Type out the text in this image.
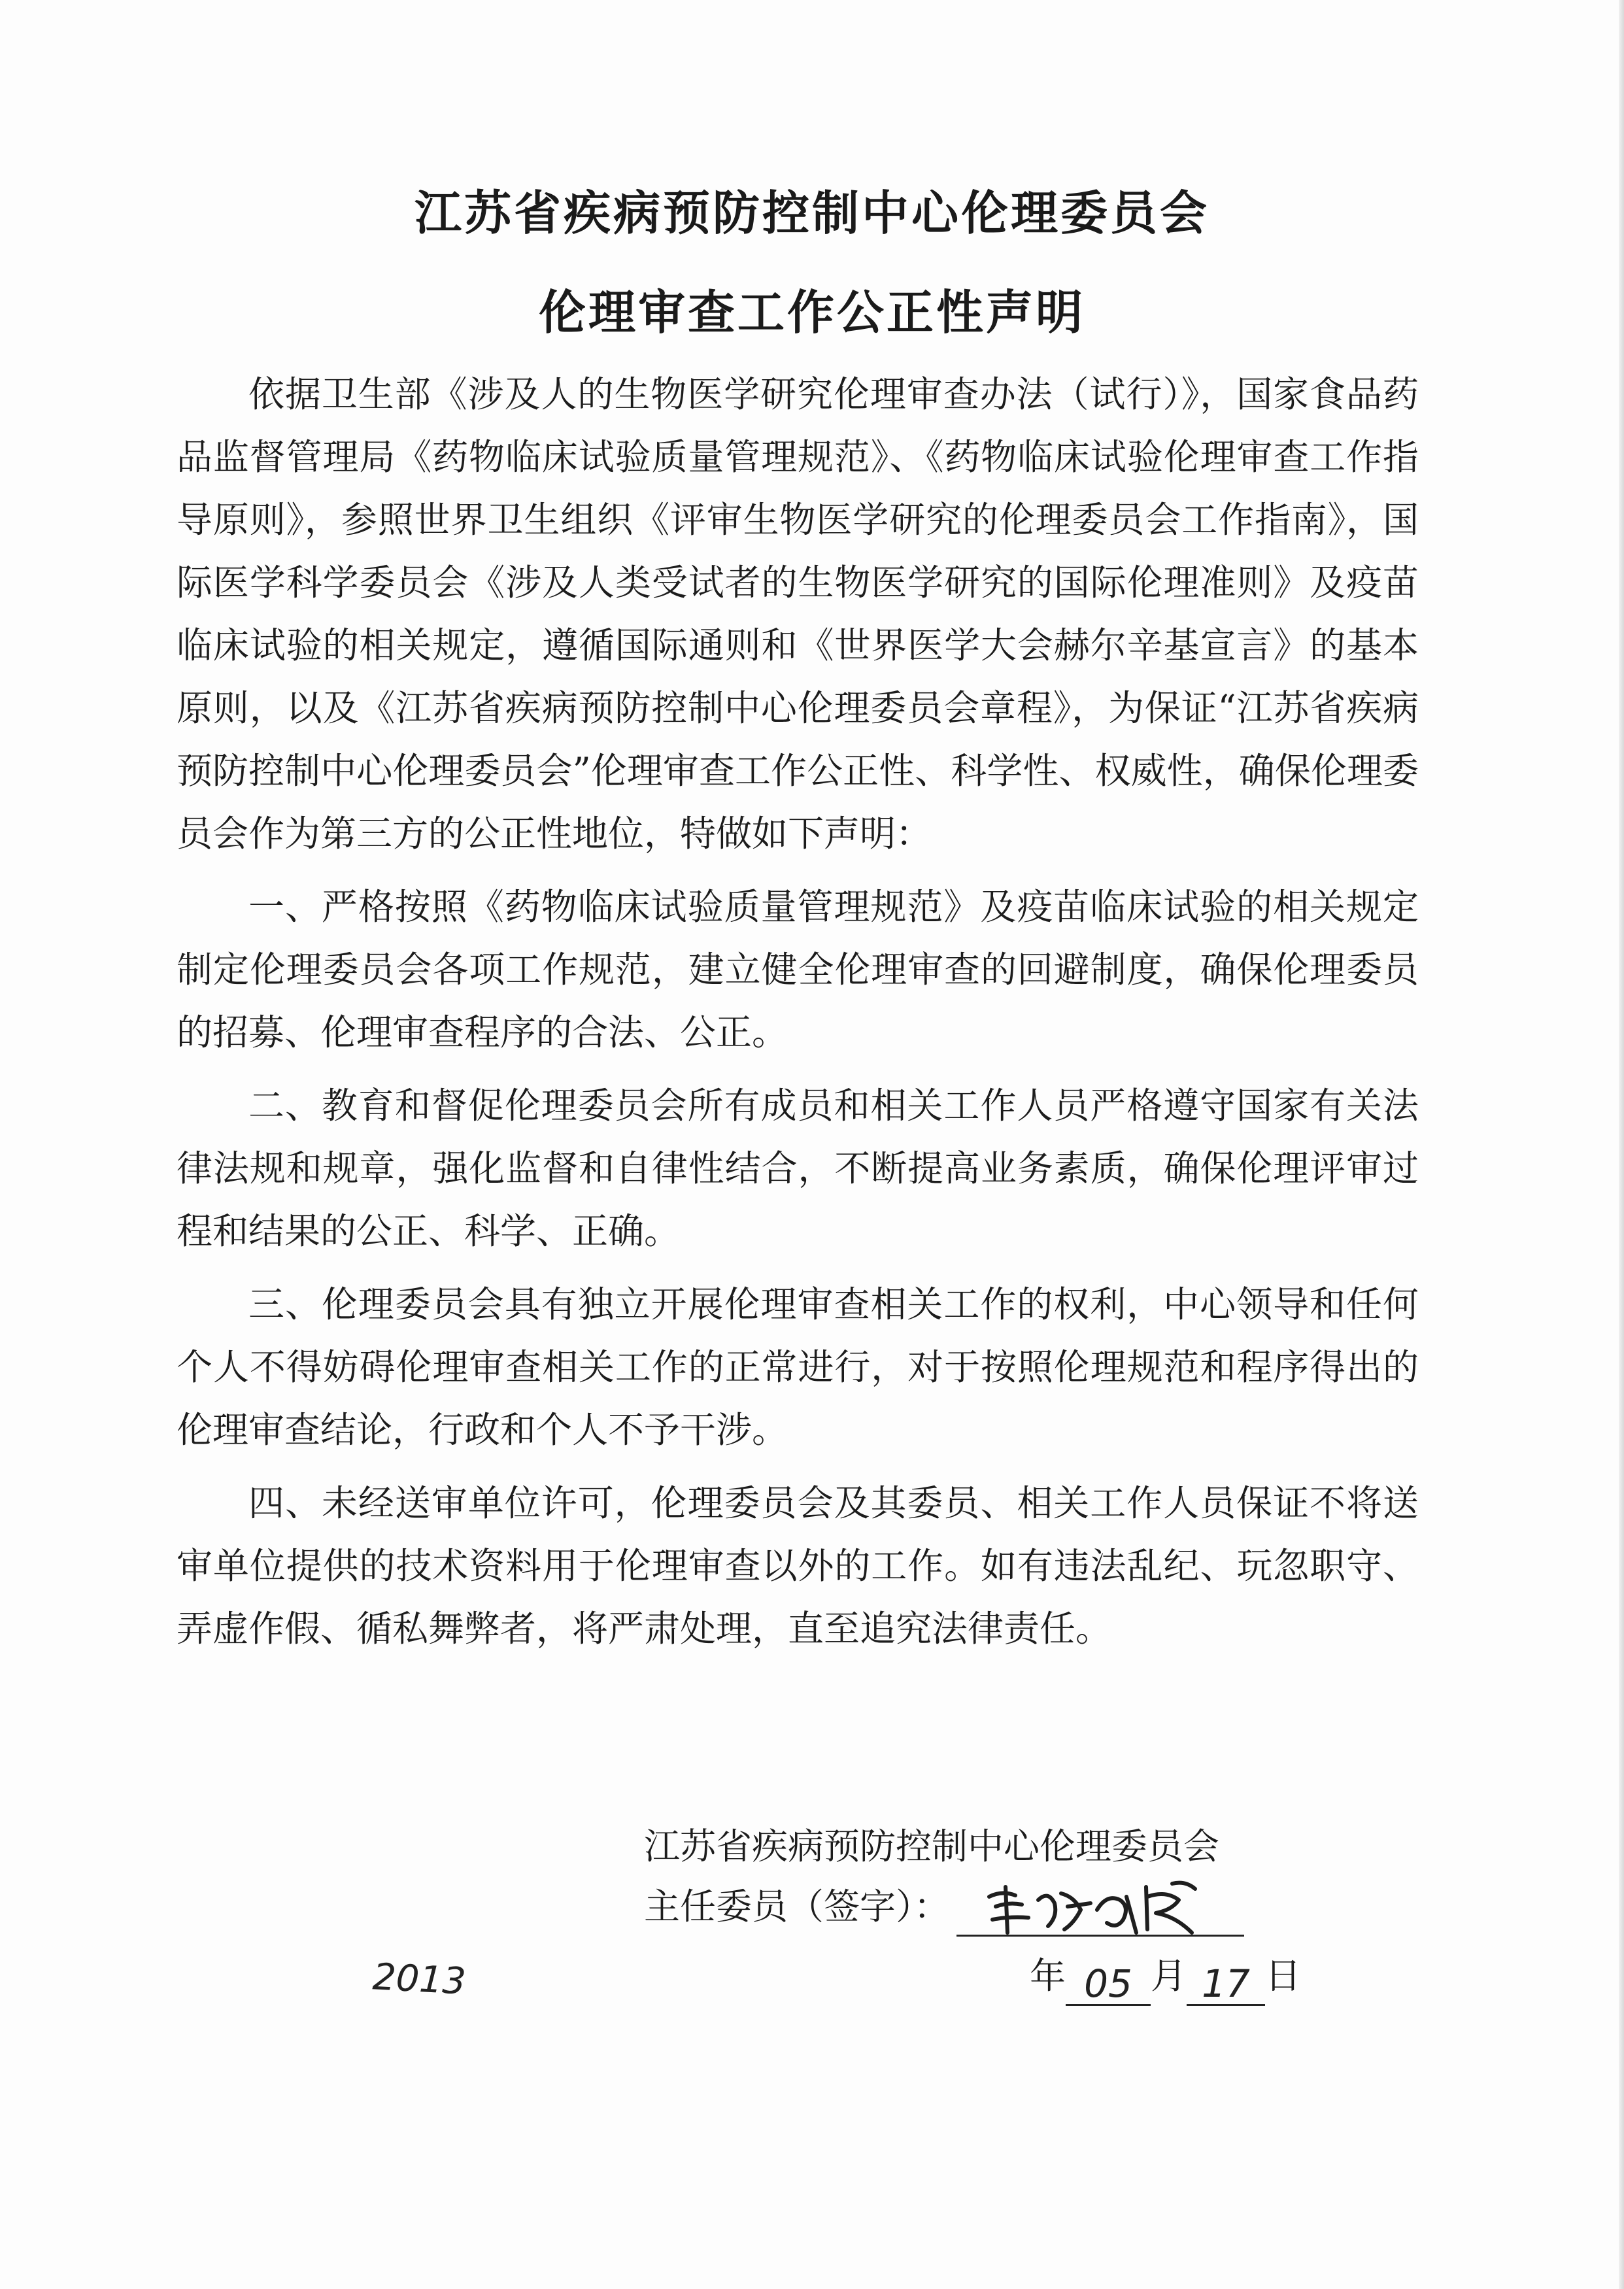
江苏省疾病预防控制中心伦理委员会
伦理审查工作公正性声明

依据卫生部《涉及人的生物医学研究伦理审查办法（试行）》，国家食品药品监督管理局《药物临床试验质量管理规范》、《药物临床试验伦理审查工作指导原则》，参照世界卫生组织《评审生物医学研究的伦理委员会工作指南》，国际医学科学委员会《涉及人类受试者的生物医学研究的国际伦理准则》及疫苗临床试验的相关规定，遵循国际通则和《世界医学大会赫尔辛基宣言》的基本原则，以及《江苏省疾病预防控制中心伦理委员会章程》，为保证“江苏省疾病预防控制中心伦理委员会”伦理审查工作公正性、科学性、权威性，确保伦理委员会作为第三方的公正性地位，特做如下声明：

一、严格按照《药物临床试验质量管理规范》及疫苗临床试验的相关规定制定伦理委员会各项工作规范，建立健全伦理审查的回避制度，确保伦理委员的招募、伦理审查程序的合法、公正。

二、教育和督促伦理委员会所有成员和相关工作人员严格遵守国家有关法律法规和规章，强化监督和自律性结合，不断提高业务素质，确保伦理评审过程和结果的公正、科学、正确。

三、伦理委员会具有独立开展伦理审查相关工作的权利，中心领导和任何个人不得妨碍伦理审查相关工作的正常进行，对于按照伦理规范和程序得出的伦理审查结论，行政和个人不予干涉。

四、未经送审单位许可，伦理委员会及其委员、相关工作人员保证不将送审单位提供的技术资料用于伦理审查以外的工作。如有违法乱纪、玩忽职守、弄虚作假、循私舞弊者，将严肃处理，直至追究法律责任。

江苏省疾病预防控制中心伦理委员会
主任委员（签字）：
2013	年 05 月 17 日
